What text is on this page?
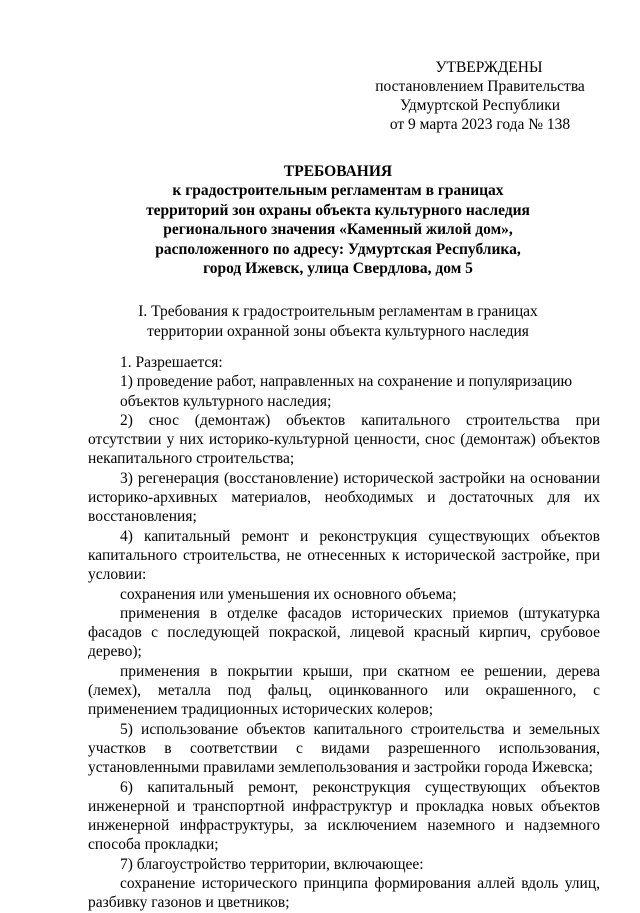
УТВЕРЖДЕНЫ
постановлением Правительства
Удмуртской Республики
от 9 марта 2023 года № 138
ТРЕБОВАНИЯ
к градостроительным регламентам в границах
территорий зон охраны объекта культурного наследия
регионального значения «Каменный жилой дом»,
расположенного по адресу: Удмуртская Республика,
город Ижевск, улица Свердлова, дом 5
I. Требования к градостроительным регламентам в границах
территории охранной зоны объекта культурного наследия

1. Разрешается:

1) проведение работ, направленных на сохранение и популяризацию

объектов культурного наследия;

2) снос (демонтаж) объектов капитального строительства при отсутствии у них историко-культурной ценности, снос (демонтаж) объектов некапитального строительства;

3) регенерация (восстановление) исторической застройки на основании историко-архивных материалов, необходимых и достаточных для их восстановления;

4) капитальный ремонт и реконструкция существующих объектов капитального строительства, не отнесенных к исторической застройке, при условии:

сохранения или уменьшения их основного объема;

применения в отделке фасадов исторических приемов (штукатурка фасадов с последующей покраской, лицевой красный кирпич, срубовое дерево);

применения в покрытии крыши, при скатном ее решении, дерева (лемех), металла под фальц, оцинкованного или окрашенного, с применением традиционных исторических колеров;

5) использование объектов капитального строительства и земельных участков в соответствии с видами разрешенного использования, установленными правилами землепользования и застройки города Ижевска;

6) капитальный ремонт, реконструкция существующих объектов инженерной и транспортной инфраструктур и прокладка новых объектов инженерной инфраструктуры, за исключением наземного и надземного способа прокладки;

7) благоустройство территории, включающее:

сохранение исторического принципа формирования аллей вдоль улиц, разбивку газонов и цветников;
